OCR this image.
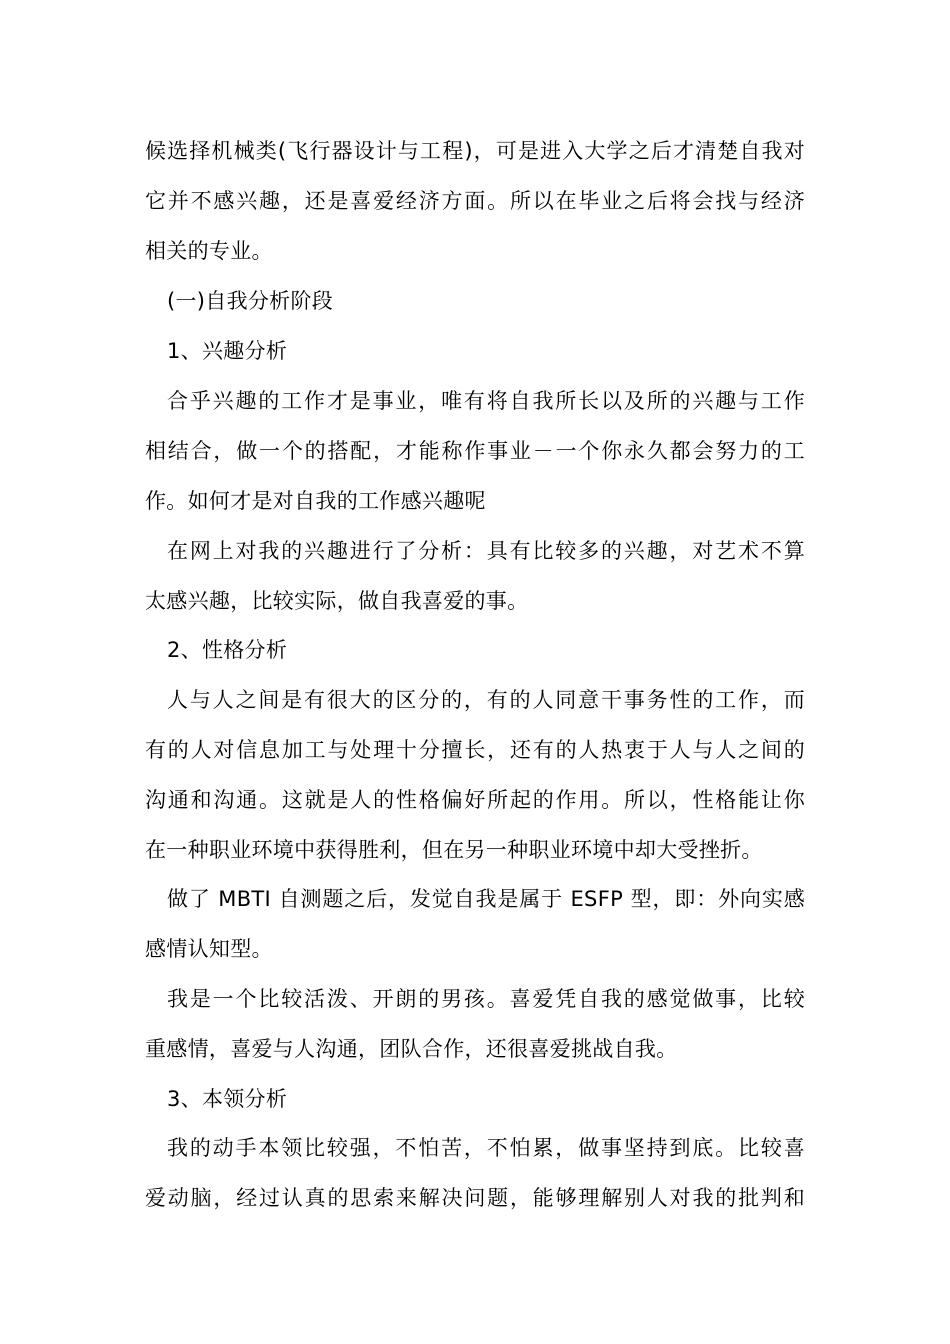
候选择机械类(飞行器设计与工程)，可是进入大学之后才清楚自我对
它并不感兴趣，还是喜爱经济方面。所以在毕业之后将会找与经济
相关的专业。
(一)自我分析阶段
1、兴趣分析
合乎兴趣的工作才是事业，唯有将自我所长以及所的兴趣与工作
相结合，做一个的搭配，才能称作事业－一个你永久都会努力的工
作。如何才是对自我的工作感兴趣呢
在网上对我的兴趣进行了分析：具有比较多的兴趣，对艺术不算
太感兴趣，比较实际，做自我喜爱的事。
2、性格分析
人与人之间是有很大的区分的，有的人同意干事务性的工作，而
有的人对信息加工与处理十分擅长，还有的人热衷于人与人之间的
沟通和沟通。这就是人的性格偏好所起的作用。所以，性格能让你
在一种职业环境中获得胜利，但在另一种职业环境中却大受挫折。
做了 MBTI 自测题之后，发觉自我是属于 ESFP 型，即：外向实感
感情认知型。
我是一个比较活泼、开朗的男孩。喜爱凭自我的感觉做事，比较
重感情，喜爱与人沟通，团队合作，还很喜爱挑战自我。
3、本领分析
我的动手本领比较强，不怕苦，不怕累，做事坚持到底。比较喜
爱动脑，经过认真的思索来解决问题，能够理解别人对我的批判和
